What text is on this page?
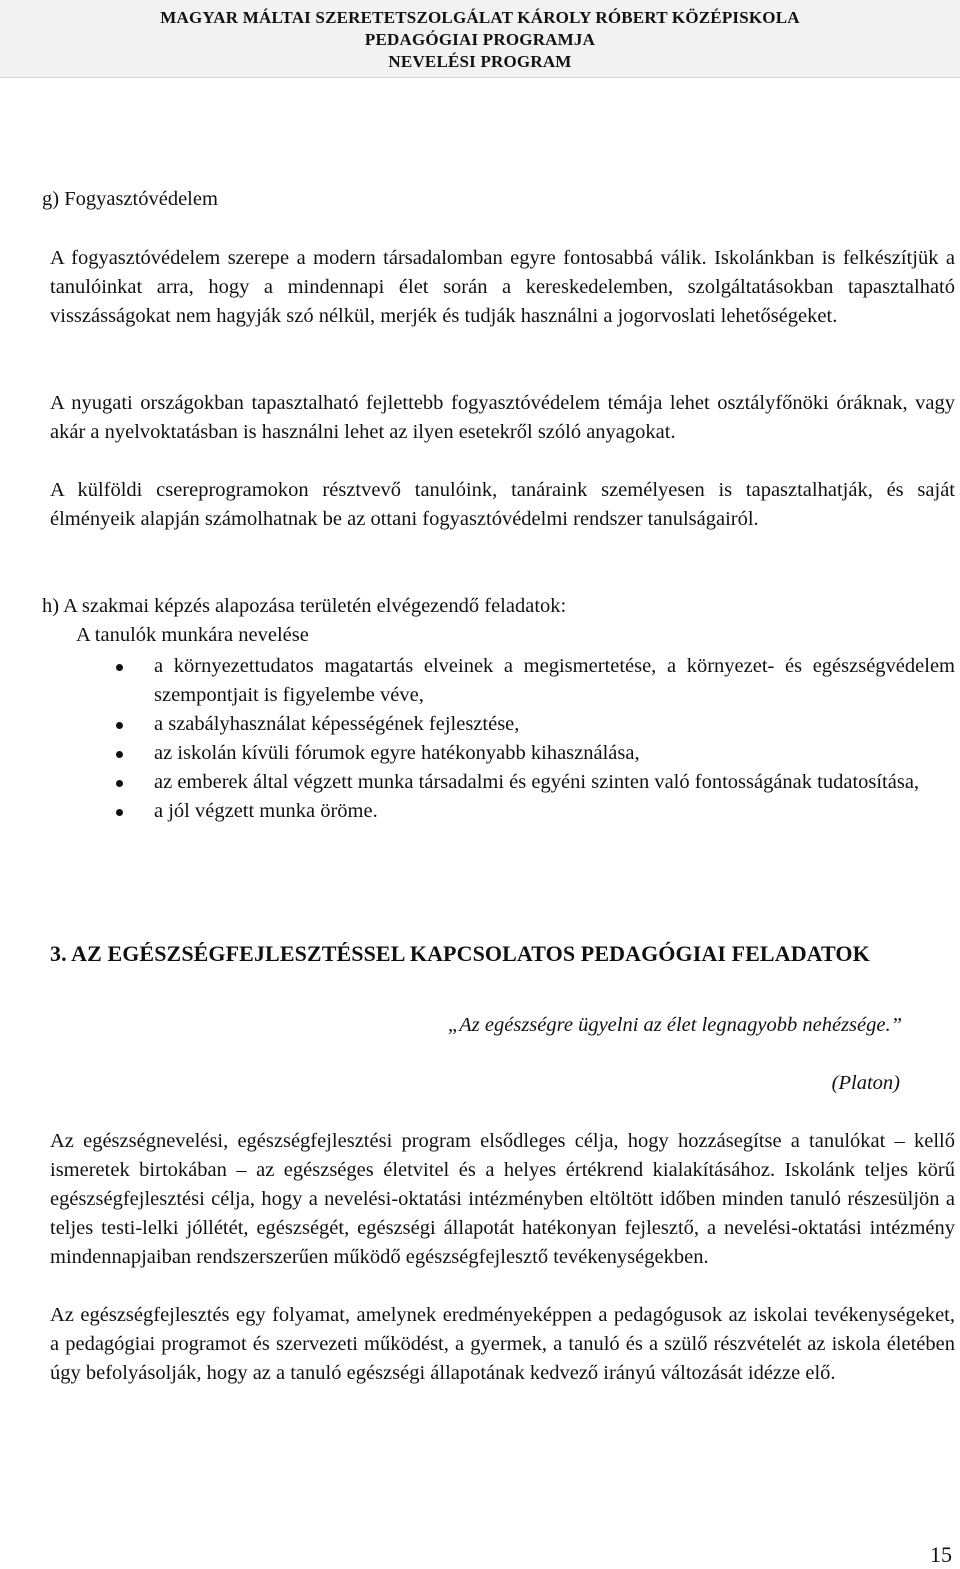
MAGYAR MÁLTAI SZERETETSZOLGÁLAT KÁROLY RÓBERT KÖZÉPISKOLA
PEDAGÓGIAI PROGRAMJA
NEVELÉSI PROGRAM
g) Fogyasztóvédelem
A fogyasztóvédelem szerepe a modern társadalomban egyre fontosabbá válik. Iskolánkban is felkészítjük a tanulóinkat arra, hogy a mindennapi élet során a kereskedelemben, szolgáltatásokban tapasztalható visszásságokat nem hagyják szó nélkül, merjék és tudják használni a jogorvoslati lehetőségeket.
A nyugati országokban tapasztalható fejlettebb fogyasztóvédelem témája lehet osztályfőnöki óráknak, vagy akár a nyelvoktatásban is használni lehet az ilyen esetekről szóló anyagokat.
A külföldi csereprogramokon résztvevő tanulóink, tanáraink személyesen is tapasztalhatják, és saját élményeik alapján számolhatnak be az ottani fogyasztóvédelmi rendszer tanulságairól.
h) A szakmai képzés alapozása területén elvégezendő feladatok:
A tanulók munkára nevelése
a környezettudatos magatartás elveinek a megismertetése, a környezet- és egészségvédelem szempontjait is figyelembe véve,
a szabályhasználat képességének fejlesztése,
az iskolán kívüli fórumok egyre hatékonyabb kihasználása,
az emberek által végzett munka társadalmi és egyéni szinten való fontosságának tudatosítása,
a jól végzett munka öröme.
3. AZ EGÉSZSÉGFEJLESZTÉSSEL KAPCSOLATOS PEDAGÓGIAI FELADATOK
„Az egészségre ügyelni az élet legnagyobb nehézsége.”
(Platon)
Az egészségnevelési, egészségfejlesztési program elsődleges célja, hogy hozzásegítse a tanulókat – kellő ismeretek birtokában – az egészséges életvitel és a helyes értékrend kialakításához. Iskolánk teljes körű egészségfejlesztési célja, hogy a nevelési-oktatási intézményben eltöltött időben minden tanuló részesüljön a teljes testi-lelki jóllétét, egészségét, egészségi állapotát hatékonyan fejlesztő, a nevelési-oktatási intézmény mindennapjaiban rendszerszerűen működő egészségfejlesztő tevékenységekben.
Az egészségfejlesztés egy folyamat, amelynek eredményeképpen a pedagógusok az iskolai tevékenységeket, a pedagógiai programot és szervezeti működést, a gyermek, a tanuló és a szülő részvételét az iskola életében úgy befolyásolják, hogy az a tanuló egészségi állapotának kedvező irányú változását idézze elő.
15
